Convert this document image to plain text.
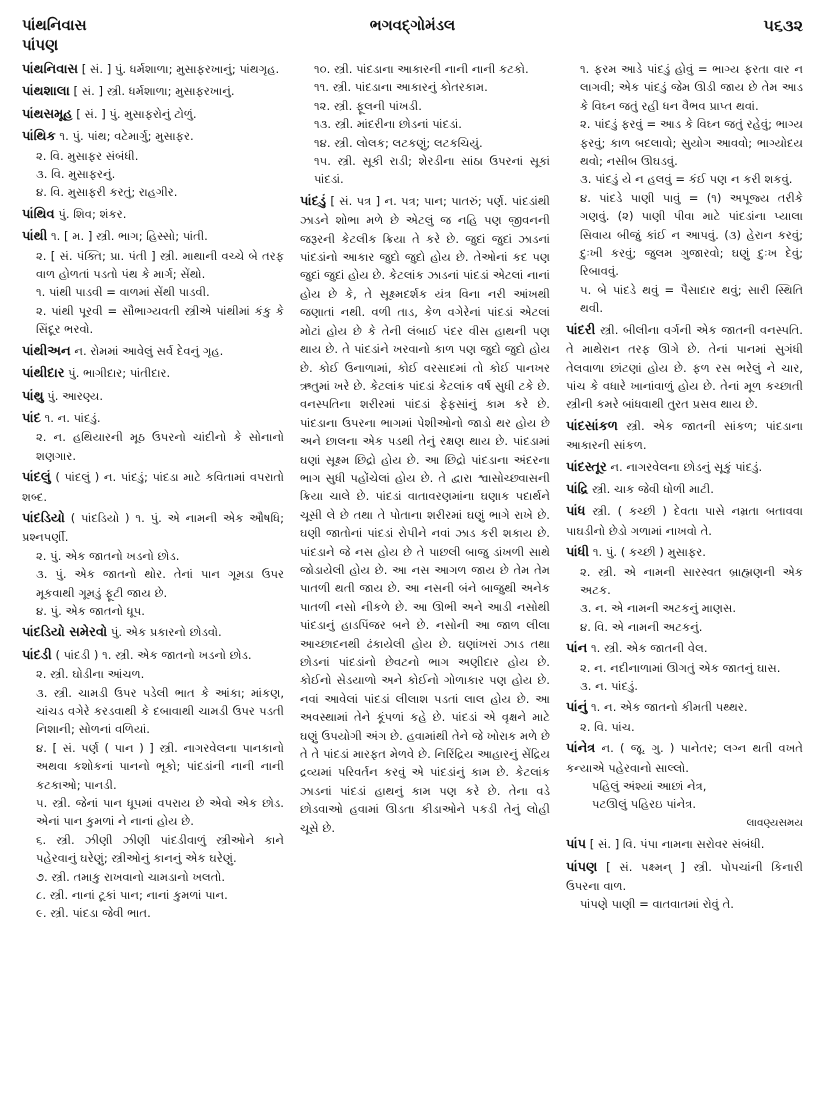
પાંથનિવાસ
પાંપણ
ભગવદ્ગોમંડલ	૫૬૩૨

પાંથનિવાસ [ સં. ] પું. ધર્મશાળા; મુસાફરખાનું; પાંથગૃહ.

પાંથશાલા [ સં. ] સ્ત્રી. ધર્મશાળા; મુસાફરખાનું.

પાંથસમૂહ [ સં. ] પું. મુસાફરોનું ટોળું.

પાંથિક ૧. પું. પાંથ; વટેમાર્ગુ; મુસાફર.

૨. વિ. મુસાફર સંબંધી.

૩. વિ. મુસાફરનું.

૪. વિ. મુસાફરી કરતું; રાહગીર.

પાંથિવ પું. શિવ; શંકર.

પાંથી ૧. [ મ. ] સ્ત્રી. ભાગ; હિસ્સો; પાંતી.

૨. [ સં. પંક્તિ; પ્રા. પંતી ] સ્ત્રી. માથાની વચ્ચે બે તરફ વાળ હોળતાં પડતો પંથ કે માર્ગ; સેંથો.

૧. પાંથી પાડવી = વાળમાં સેંથી પાડવી.

૨. પાંથી પૂરવી = સૌભાગ્યવતી સ્ત્રીએ પાંથીમાં કંકુ કે સિંદૂર ભરવો.

પાંથીઅન ન. રોમમાં આવેલું સર્વ દેવનું ગૃહ.

પાંથીદાર પું. ભાગીદાર; પાંતીદાર.

પાંથુ પું. આરણ્ય.

પાંદ ૧. ન. પાંદડું.

૨. ન. હથિયારની મૂઠ ઉપરનો ચાંદીનો કે સોનાનો શણગાર.

પાંદલું ( પાંદલું ) ન. પાંદડું; પાંદડા માટે કવિતામાં વપરાતો શબ્દ.

પાંદડિયો ( પાંદડિયો ) ૧. પું. એ નામની એક ઔષધિ; પ્રશ્નપર્ણી.

૨. પું. એક જાતનો ખડનો છોડ.

૩. પું. એક જાતનો થોર. તેનાં પાન ગૂમડા ઉપર મૂકવાથી ગૂમડું ફૂટી જાય છે.

૪. પું. એક જાતનો ધૂપ.

પાંદડિયો સમેરવો પું. એક પ્રકારનો છોડવો.

પાંદડી ( પાંદડી ) ૧. સ્ત્રી. એક જાતનો ખડનો છોડ.

૨. સ્ત્રી. ઘોડીના આંચળ.

૩. સ્ત્રી. ચામડી ઉપર પડેલી ભાત કે આંકા; માંકણ, ચાંચડ વગેરે કરડવાથી કે દબાવાથી ચામડી ઉપર પડતી નિશાની; સોળનાં વળિયાં.

૪. [ સં. પર્ણ ( પાન ) ] સ્ત્રી. નાગરવેલના પાનકાનો અથવા કશોકનાં પાનનો ભૂકો; પાંદડાંની નાની નાની કટકાઓ; પાનડી.

૫. સ્ત્રી. જેનાં પાન ધૂપમાં વપરાય છે એવો એક છોડ. એનાં પાન કુમળાં ને નાનાં હોય છે.

૬. સ્ત્રી. ઝીણી ઝીણી પાંદડીવાળું સ્ત્રીઓને કાને પહેરવાનું ઘરેણું; સ્ત્રીઓનું કાનનું એક ઘરેણું.

૭. સ્ત્રી. તમાકુ રાખવાનો ચામડાનો ખલતો.

૮. સ્ત્રી. નાનાં ટૂકાં પાન; નાનાં કુમળાં પાન.

૯. સ્ત્રી. પાંદડા જેવી ભાત.

૧૦. સ્ત્રી. પાંદડાના આકારની નાની નાની કટકો.

૧૧. સ્ત્રી. પાંદડાના આકારનું કોતરકામ.

૧૨. સ્ત્રી. ફૂલની પાંખડી.

૧૩. સ્ત્રી. માંદરીના છોડનાં પાંદડાં.

૧૪. સ્ત્રી. લોલક; લટકણું; લટકચિયું.

૧૫. સ્ત્રી. સૂકી રાડી; શેરડીના સાંઠા ઉપરનાં સૂકાં પાંદડાં.

પાંદડું [ સં. પત્ર ] ન. પત્ર; પાન; પાતરું; પર્ણ. પાંદડાંથી ઝાડને શોભા મળે છે એટલું જ નહિ પણ જીવનની જરૂરની કેટલીક ક્રિયા તે કરે છે. જુદાં જુદાં ઝાડનાં પાંદડાંનો આકાર જુદો જુદો હોય છે. તેઓનાં કદ પણ જુદાં જુદાં હોય છે. કેટલાંક ઝાડનાં પાંદડાં એટલાં નાનાં હોય છે કે, તે સૂક્ષ્મદર્શક યંત્ર વિના નરી આંખથી જણાતાં નથી. વળી તાડ, કેળ વગેરેનાં પાંદડાં એટલાં મોટાં હોય છે કે તેની લંબાઈ પંદર વીસ હાથની પણ થાય છે. તે પાંદડાંને ખરવાનો કાળ પણ જુદો જુદો હોય છે. કોઈ ઉનાળામાં, કોઈ વરસાદમાં તો કોઈ પાનખર ઋતુમાં ખરે છે. કેટલાંક પાંદડાં કેટલાંક વર્ષ સુધી ટકે છે. વનસ્પતિના શરીરમાં પાંદડાં ફેફસાંનું કામ કરે છે. પાંદડાના ઉપરના ભાગમાં પેશીઓનો જાડો થર હોય છે અને છાલના એક પડથી તેનું રક્ષણ થાય છે. પાંદડામાં ઘણાં સૂક્ષ્મ છિદ્રો હોય છે. આ છિદ્રો પાંદડાના અંદરના ભાગ સુધી પહોંચેલાં હોય છે. તે દ્વારા શ્વાસોચ્છ્વાસની ક્રિયા ચાલે છે. પાંદડાં વાતાવરણમાંના ઘણાક પદાર્થને ચૂસી લે છે તથા તે પોતાના શરીરમાં ઘણું ભાગે રાખે છે. ઘણી જાતોનાં પાંદડાં રોપીને નવાં ઝાડ કરી શકાય છે. પાંદડાને જે નસ હોય છે તે પાછલી બાજુ ડાંખળી સાથે જોડાયેલી હોય છે. આ નસ આગળ જાય છે તેમ તેમ પાતળી થતી જાય છે. આ નસની બંને બાજુથી અનેક પાતળી નસો નીકળે છે. આ ઊભી અને આડી નસોથી પાંદડાનું હાડપિંજર બને છે. નસોની આ જાળ લીલા આચ્છાદનથી ઢંકાયેલી હોય છે. ઘણાંખરાં ઝાડ તથા છોડનાં પાંદડાંનો છેવટનો ભાગ અણીદાર હોય છે. કોઈનો સેડયાળો અને કોઈનો ગોળાકાર પણ હોય છે. નવાં આવેલાં પાંદડાં લીલાશ પડતાં લાલ હોય છે. આ અવસ્થામાં તેને કૂંપળાં કહે છે. પાંદડાં એ વૃક્ષને માટે ઘણું ઉપયોગી અંગ છે. હવામાંથી તેને જે ખોરાક મળે છે તે તે પાંદડાં મારફત મેળવે છે. નિરિંદ્રિય આહારનું સેંદ્રિય દ્રવ્યમાં પરિવર્તન કરવું એ પાંદડાંનું કામ છે. કેટલાંક ઝાડનાં પાંદડાં હાથનું કામ પણ કરે છે. તેના વડે છોડવાઓ હવામાં ઊડતા કીડાઓને પકડી તેનું લોહી ચૂસે છે.

૧. ફરમ આડે પાંદડું હોવું = ભાગ્ય ફરતા વાર ન લાગવી; એક પાંદડું જેમ ઊડી જાય છે તેમ આડ કે વિઘ્ન જતું રહી ધન વૈભવ પ્રાપ્ત થવાં.

૨. પાંદડું ફરવું = આડ કે વિઘ્ન જતું રહેવું; ભાગ્ય ફરવું; કાળ બદલાવો; સુયોગ આવવો; ભાગ્યોદય થવો; નસીબ ઊઘડવું.

૩. પાંદડું યે ન હલવું = કંઈ પણ ન કરી શકવું.

૪. પાંદડે પાણી પાવું = (૧) અપૂજ્ય તરીકે ગણવું. (૨) પાણી પીવા માટે પાંદડાંના પ્યાલા સિવાય બીજું કાંઈ ન આપવું. (૩) હેરાન કરવું; દુઃખી કરવું; જુલમ ગુજારવો; ઘણું દુઃખ દેવું; રિબાવવું.

૫. બે પાંદડે થવું = પૈસાદાર થવું; સારી સ્થિતિ થવી.

પાંદરી સ્ત્રી. બીલીના વર્ગની એક જાતની વનસ્પતિ. તે માથેરાન તરફ ઊગે છે. તેનાં પાનમાં સુગંધી તેલવાળા છાંટણાં હોય છે. ફળ રસ ભરેલું ને ચાર, પાંચ કે વધારે ખાનાંવાળું હોય છે. તેનાં મૂળ કચ્છાતી સ્ત્રીની કમરે બાંધવાથી તુરત પ્રસવ થાય છે.

પાંદસાંકળ સ્ત્રી. એક જાતની સાંકળ; પાંદડાના આકારની સાંકળ.

પાંદસ્તૂર ન. નાગરવેલના છોડનું સૂકું પાંદડું.

પાંદ્રિ સ્ત્રી. ચાક જેવી ધોળી માટી.

પાંધ સ્ત્રી. ( કચ્છી ) દેવતા પાસે નમ્રતા બતાવવા પાઘડીનો છેડો ગળામાં નાખવો તે.

પાંધી ૧. પું. ( કચ્છી ) મુસાફર.

૨. સ્ત્રી. એ નામની સારસ્વત બ્રાહ્મણની એક અટક.

૩. ન. એ નામની અટકનું માણસ.

૪. વિ. એ નામની અટકનું.

પાંન ૧. સ્ત્રી. એક જાતની વેલ.

૨. ન. નદીનાળામાં ઊગતું એક જાતનું ઘાસ.

૩. ન. પાંદડું.

પાંનું ૧. ન. એક જાતનો કીમતી પથ્થર.

૨. વિ. પાંચ.

પાંનેત્ર ન. ( જૂ. ગુ. ) પાનેતર; લગ્ન થતી વખતે કન્યાએ પહેરવાનો સાલ્લો.

પહિલું અંશ્યાં આછાં નેત્ર,

પટઊલું પહિરઇ પાંનેત્ર.

લાવણ્યસમય

પાંપ [ સં. ] વિ. પંપા નામના સરોવર સંબંધી.

પાંપણ [ સં. પક્ષ્મન્ ] સ્ત્રી. પોપચાંની કિનારી ઉપરના વાળ.

પાંપણે પાણી = વાતવાતમાં રોવું તે.
